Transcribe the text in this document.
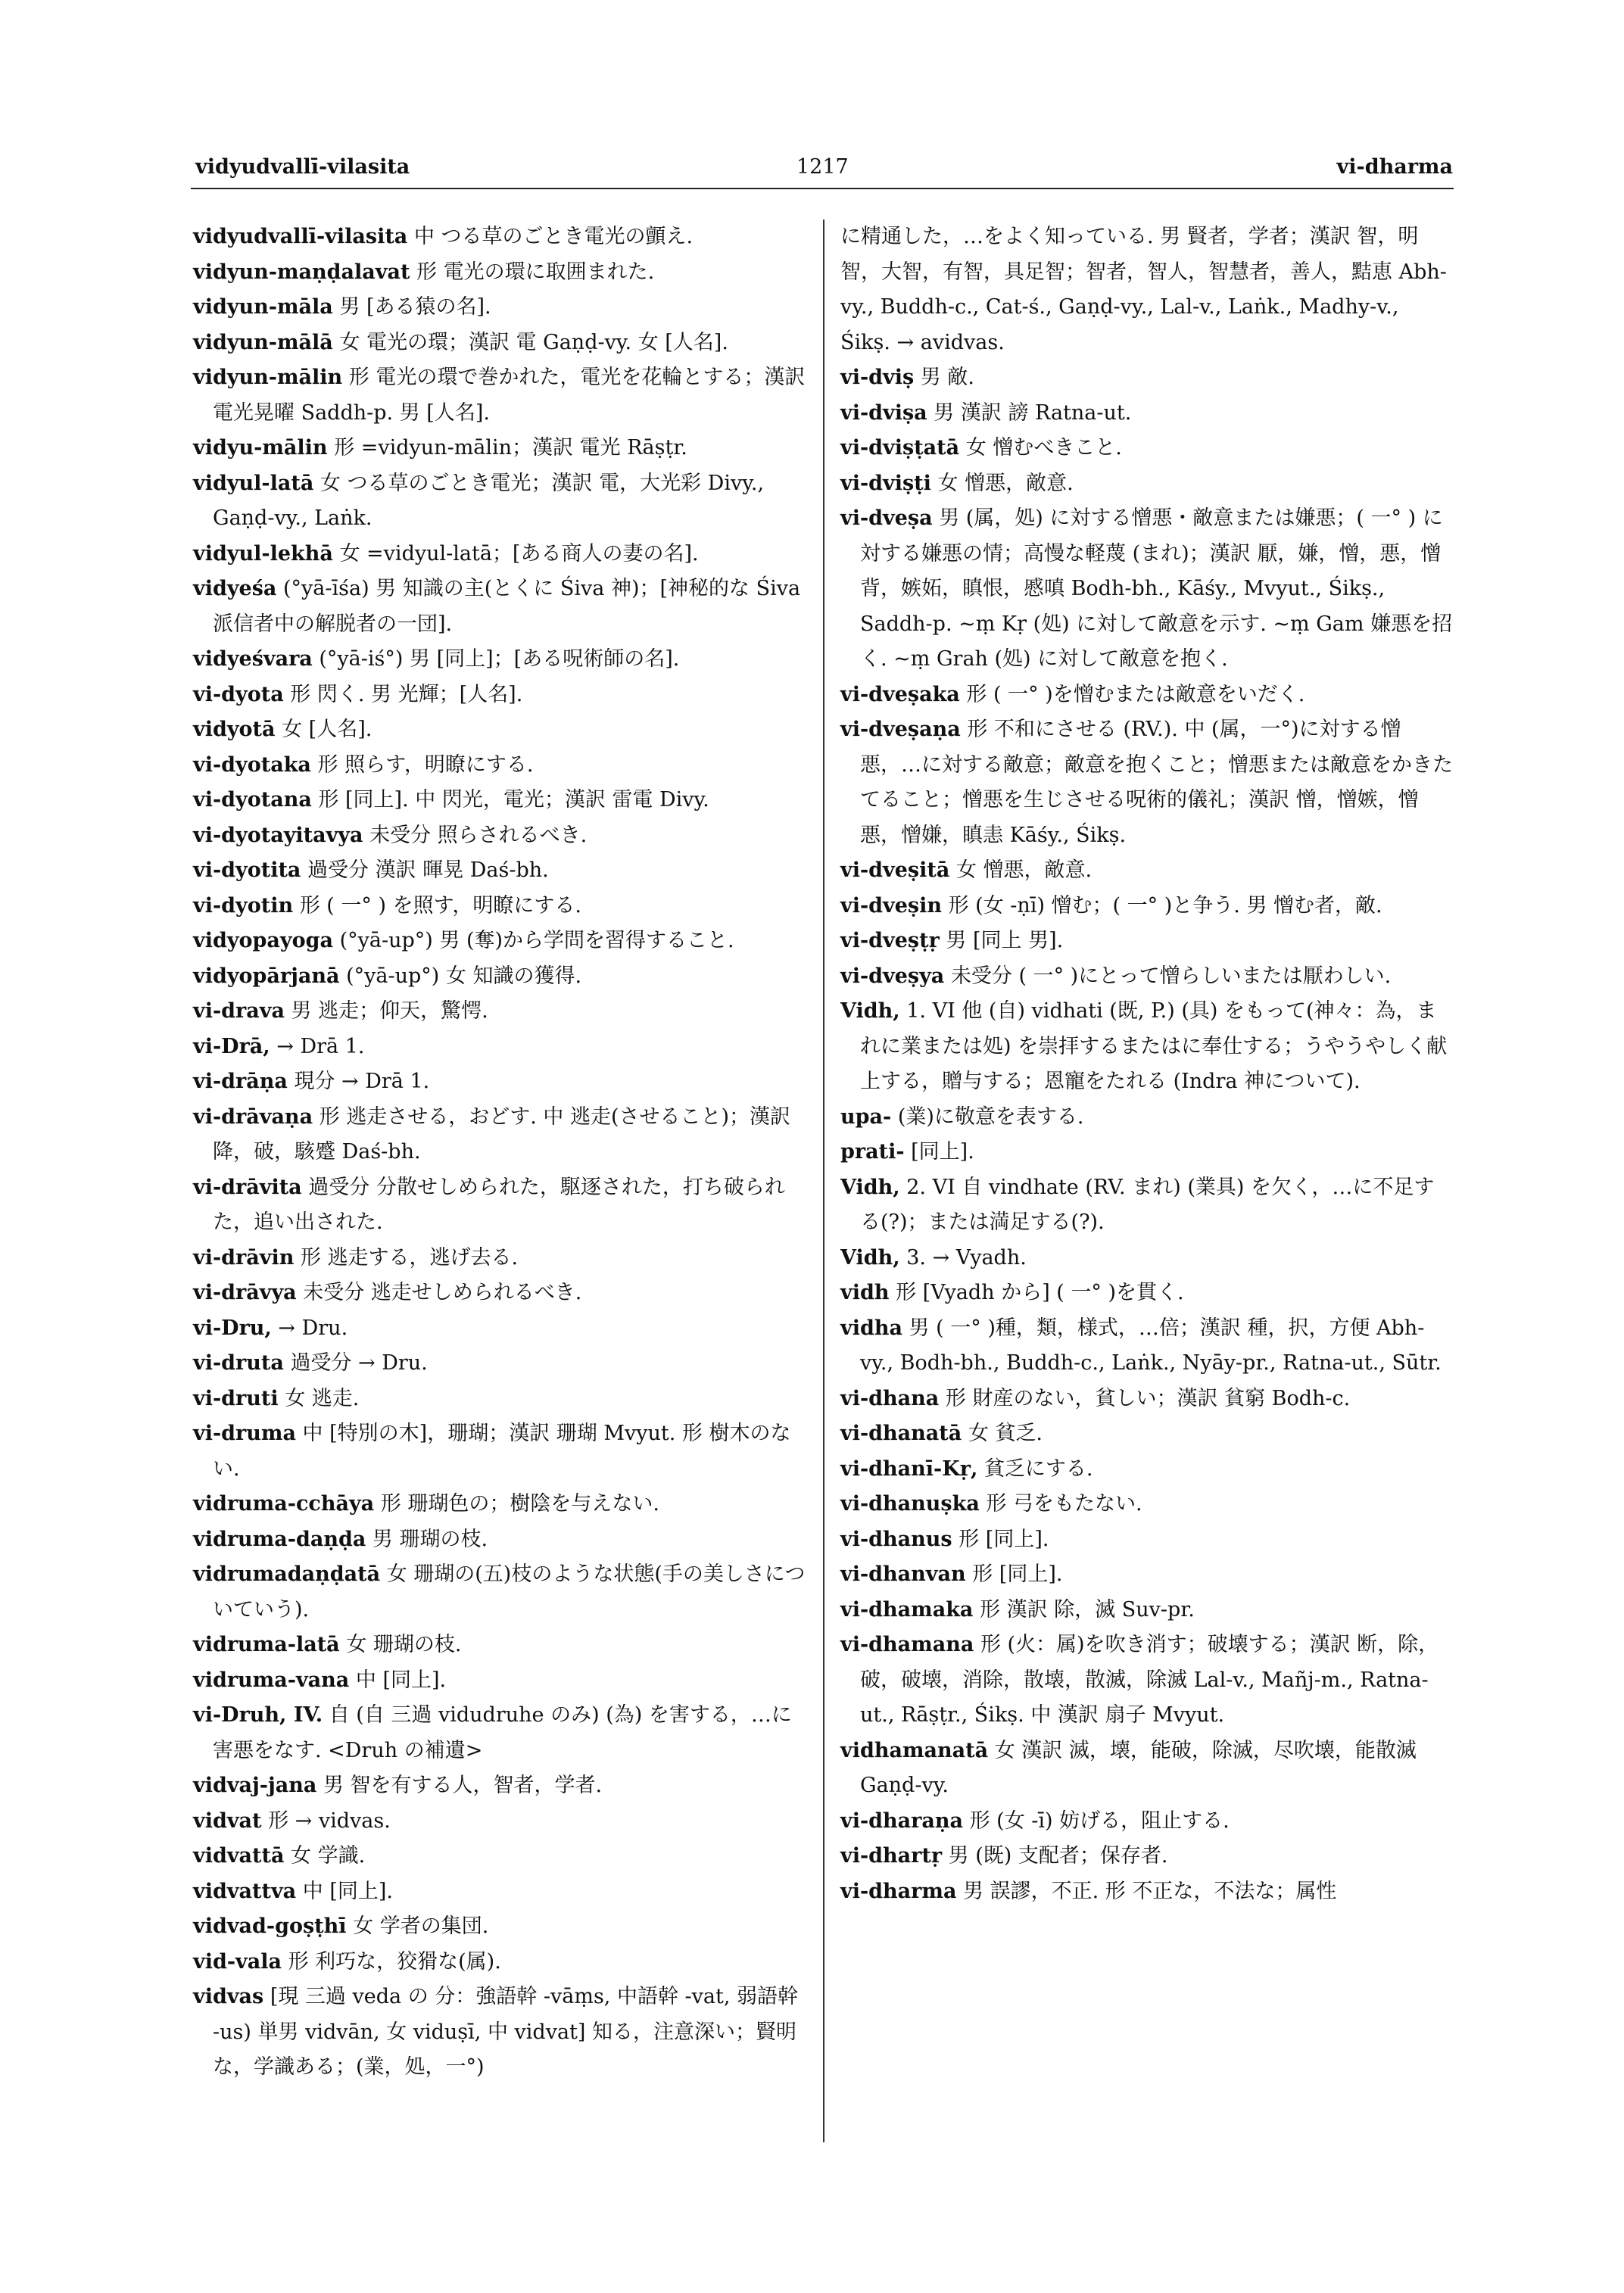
vidyudvallī-vilasita	1217	vi-dharma

vidyudvallī-vilasita 中 つる草のごとき電光の顫え.

vidyun-maṇḍalavat 形 電光の環に取囲まれた.

vidyun-māla 男 [ある猿の名].

vidyun-mālā 女 電光の環；漢訳 電 Gaṇḍ-vy. 女 [人名].

vidyun-mālin 形 電光の環で巻かれた，電光を花輪とする；漢訳 電光晃曜 Saddh-p. 男 [人名].

vidyu-mālin 形 =vidyun-mālin；漢訳 電光 Rāṣṭr.

vidyul-latā 女 つる草のごとき電光；漢訳 電，大光彩 Divy., Gaṇḍ-vy., Laṅk.

vidyul-lekhā 女 =vidyul-latā；[ある商人の妻の名].

vidyeśa (°yā-īśa) 男 知識の主(とくに Śiva 神)；[神秘的な Śiva 派信者中の解脱者の一団].

vidyeśvara (°yā-iś°) 男 [同上]；[ある呪術師の名].

vi-dyota 形 閃く. 男 光輝；[人名].

vidyotā 女 [人名].

vi-dyotaka 形 照らす，明瞭にする.

vi-dyotana 形 [同上]. 中 閃光，電光；漢訳 雷電 Divy.

vi-dyotayitavya 未受分 照らされるべき.

vi-dyotita 過受分 漢訳 暉晃 Daś-bh.

vi-dyotin 形 ( 一° ) を照す，明瞭にする.

vidyopayoga (°yā-up°) 男 (奪)から学問を習得すること.

vidyopārjanā (°yā-up°) 女 知識の獲得.

vi-drava 男 逃走；仰天，驚愕.

vi-Drā, → Drā 1.

vi-drāṇa 現分 → Drā 1.

vi-drāvaṇa 形 逃走させる，おどす. 中 逃走(させること)；漢訳 降，破，駭蹙 Daś-bh.

vi-drāvita 過受分 分散せしめられた，駆逐された，打ち破られた，追い出された.

vi-drāvin 形 逃走する，逃げ去る.

vi-drāvya 未受分 逃走せしめられるべき.

vi-Dru, → Dru.

vi-druta 過受分 → Dru.

vi-druti 女 逃走.

vi-druma 中 [特別の木]，珊瑚；漢訳 珊瑚 Mvyut. 形 樹木のない.

vidruma-cchāya 形 珊瑚色の；樹陰を与えない.

vidruma-daṇḍa 男 珊瑚の枝.

vidrumadaṇḍatā 女 珊瑚の(五)枝のような状態(手の美しさについていう).

vidruma-latā 女 珊瑚の枝.

vidruma-vana 中 [同上].

vi-Druh, IV. 自 (自 三過 vidudruhe のみ) (為) を害する，…に害悪をなす. <Druh の補遺>

vidvaj-jana 男 智を有する人，智者，学者.

vidvat 形 → vidvas.

vidvattā 女 学識.

vidvattva 中 [同上].

vidvad-goṣṭhī 女 学者の集団.

vid-vala 形 利巧な，狡猾な(属).

vidvas [現 三過 veda の 分：強語幹 -vāṃs, 中語幹 -vat, 弱語幹 -us) 単男 vidvān, 女 viduṣī, 中 vidvat] 知る，注意深い；賢明な，学識ある；(業，処，一°)

に精通した，…をよく知っている. 男 賢者，学者；漢訳 智，明智，大智，有智，具足智；智者，智人，智慧者，善人，黠恵 Abh-vy., Buddh-c., Cat-ś., Gaṇḍ-vy., Lal-v., Laṅk., Madhy-v., Śikṣ. → avidvas.

vi-dviṣ 男 敵.

vi-dviṣa 男 漢訳 謗 Ratna-ut.

vi-dviṣṭatā 女 憎むべきこと.

vi-dviṣṭi 女 憎悪，敵意.

vi-dveṣa 男 (属，処) に対する憎悪・敵意または嫌悪；( 一° ) に対する嫌悪の情；高慢な軽蔑 (まれ)；漢訳 厭，嫌，憎，悪，憎背，嫉妬，瞋恨，慼嗔 Bodh-bh., Kāśy., Mvyut., Śikṣ., Saddh-p. ~ṃ Kṛ (処) に対して敵意を示す. ~ṃ Gam 嫌悪を招く. ~ṃ Grah (処) に対して敵意を抱く.

vi-dveṣaka 形 ( 一° )を憎むまたは敵意をいだく.

vi-dveṣaṇa 形 不和にさせる (RV.). 中 (属，一°)に対する憎悪，…に対する敵意；敵意を抱くこと；憎悪または敵意をかきたてること；憎悪を生じさせる呪術的儀礼；漢訳 憎，憎嫉，憎悪，憎嫌，瞋恚 Kāśy., Śikṣ.

vi-dveṣitā 女 憎悪，敵意.

vi-dveṣin 形 (女 -ṇī) 憎む；( 一° )と争う. 男 憎む者，敵.

vi-dveṣṭṛ 男 [同上 男].

vi-dveṣya 未受分 ( 一° )にとって憎らしいまたは厭わしい.

Vidh, 1. VI 他 (自) vidhati (既, P.) (具) をもって(神々：為，まれに業または処) を崇拝するまたはに奉仕する；うやうやしく献上する，贈与する；恩寵をたれる (Indra 神について).

upa- (業)に敬意を表する.

prati- [同上].

Vidh, 2. VI 自 vindhate (RV. まれ) (業具) を欠く，…に不足する(?)；または満足する(?).

Vidh, 3. → Vyadh.

vidh 形 [Vyadh から] ( 一° )を貫く.

vidha 男 ( 一° )種，類，様式，…倍；漢訳 種，択，方便 Abh-vy., Bodh-bh., Buddh-c., Laṅk., Nyāy-pr., Ratna-ut., Sūtr.

vi-dhana 形 財産のない，貧しい；漢訳 貧窮 Bodh-c.

vi-dhanatā 女 貧乏.

vi-dhanī-Kṛ, 貧乏にする.

vi-dhanuṣka 形 弓をもたない.

vi-dhanus 形 [同上].

vi-dhanvan 形 [同上].

vi-dhamaka 形 漢訳 除，滅 Suv-pr.

vi-dhamana 形 (火：属)を吹き消す；破壊する；漢訳 断，除，破，破壊，消除，散壊，散滅，除滅 Lal-v., Mañj-m., Ratna-ut., Rāṣṭr., Śikṣ. 中 漢訳 扇子 Mvyut.

vidhamanatā 女 漢訳 滅，壊，能破，除滅，尽吹壊，能散滅 Gaṇḍ-vy.

vi-dharaṇa 形 (女 -ī) 妨げる，阻止する.

vi-dhartṛ 男 (既) 支配者；保存者.

vi-dharma 男 誤謬，不正. 形 不正な，不法な；属性
